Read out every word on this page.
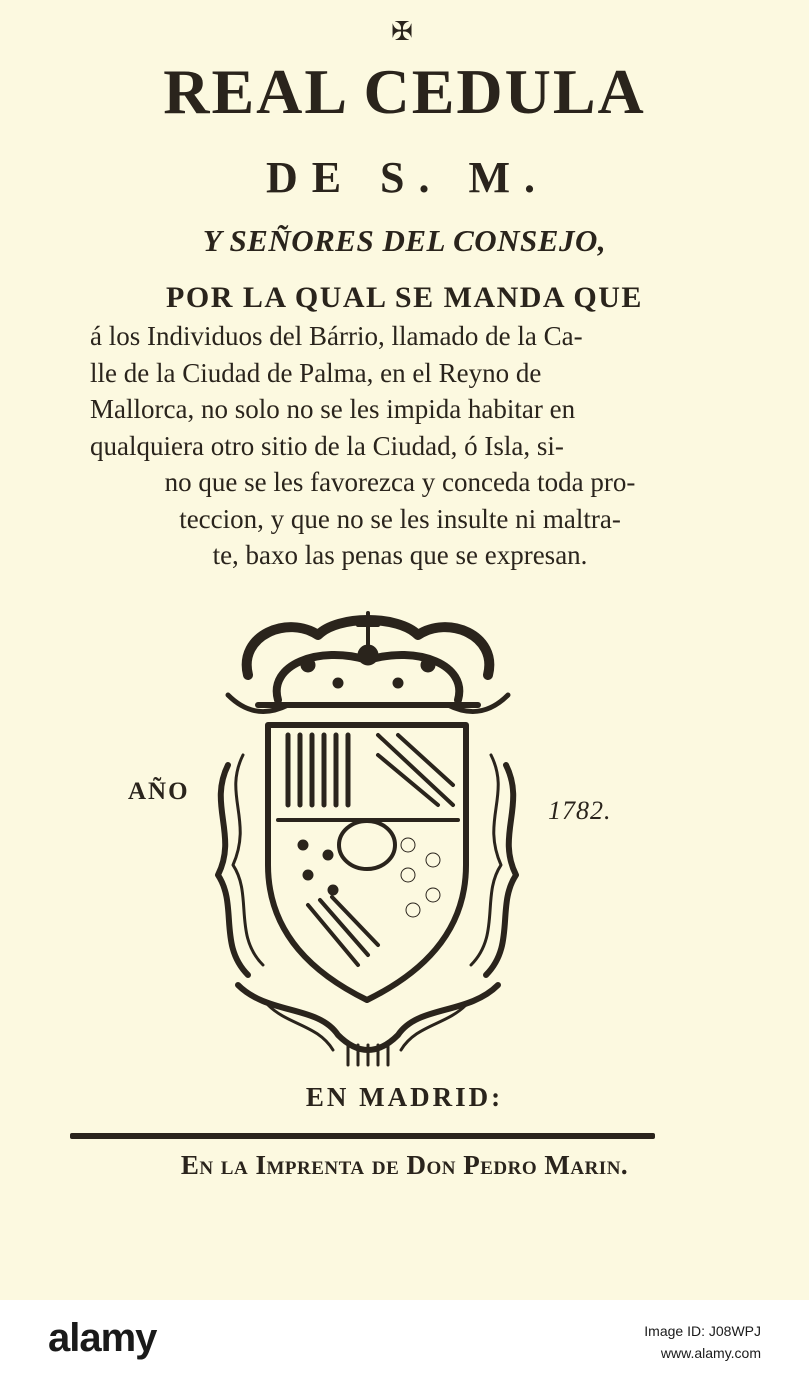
✠
REAL CEDULA
DE S. M.
Y SEÑORES DEL CONSEJO,
POR LA QUAL SE MANDA QUE
á los Individuos del Bárrio, llamado de la Ca-
lle de la Ciudad de Palma, en el Reyno de
Mallorca, no solo no se les impida habitar en
qualquiera otro sitio de la Ciudad, ó Isla, si-
no que se les favorezca y conceda toda pro-
teccion, y que no se les insulte ni maltra-
te, baxo las penas que se expresan.
AÑO
1782.
EN MADRID:
En la Imprenta de Don Pedro Marin.
alamy	Image ID: J08WPJ
www.alamy.com
